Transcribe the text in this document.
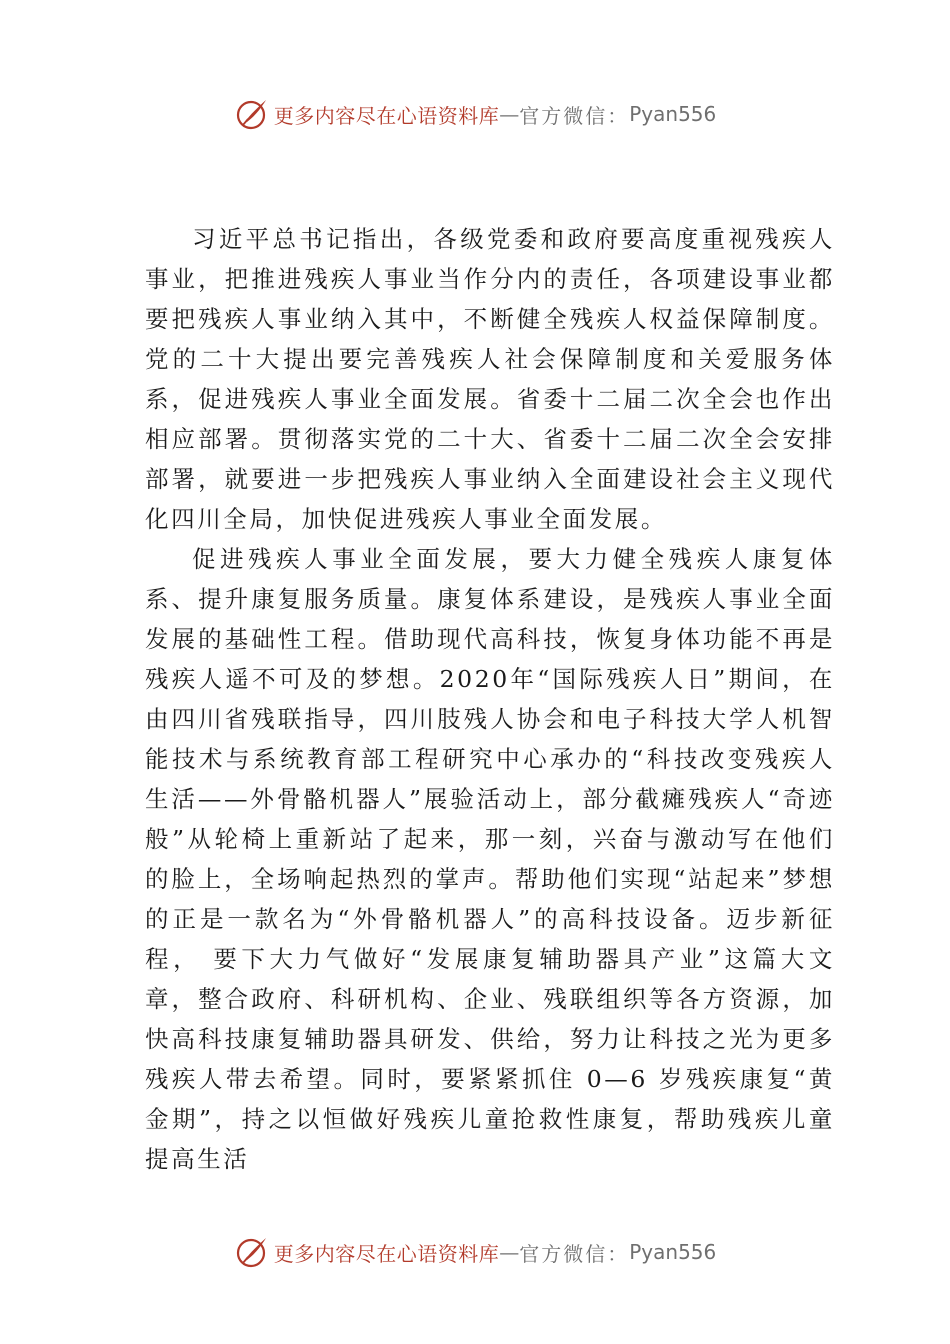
更多内容尽在心语资料库 — 官方微信： Pyan556

习近平总书记指出，各级党委和政府要高度重视残疾人事业，把推进残疾人事业当作分内的责任，各项建设事业都要把残疾人事业纳入其中，不断健全残疾人权益保障制度。 党的二十大提出要完善残疾人社会保障制度和关爱服务体系，促进残疾人事业全面发展。省委十二届二次全会也作出相应部署。贯彻落实党的二十大、省委十二届二次全会安排部署，就要进一步把残疾人事业纳入全面建设社会主义现代化四川全局，加快促进残疾人事业全面发展。

促进残疾人事业全面发展，要大力健全残疾人康复体系、提升康复服务质量。康复体系建设，是残疾人事业全面发展的基础性工程。借助现代高科技，恢复身体功能不再是残疾人遥不可及的梦想。2020年“国际残疾人日”期间，在由四川省残联指导，四川肢残人协会和电子科技大学人机智能技术与系统教育部工程研究中心承办的“科技改变残疾人生活——外骨骼机器人”展验活动上，部分截瘫残疾人“奇迹般”从轮椅上重新站了起来，那一刻，兴奋与激动写在他们的脸上，全场响起热烈的掌声。帮助他们实现“站起来”梦想的正是一款名为“外骨骼机器人”的高科技设备。迈步新征程， 要下大力气做好“发展康复辅助器具产业”这篇大文章，整合政府、科研机构、企业、残联组织等各方资源，加快高科技康复辅助器具研发、供给，努力让科技之光为更多残疾人带去希望。同时，要紧紧抓住 0—6 岁残疾康复“黄金期”，持之以恒做好残疾儿童抢救性康复，帮助残疾儿童提高生活

更多内容尽在心语资料库 — 官方微信： Pyan556
